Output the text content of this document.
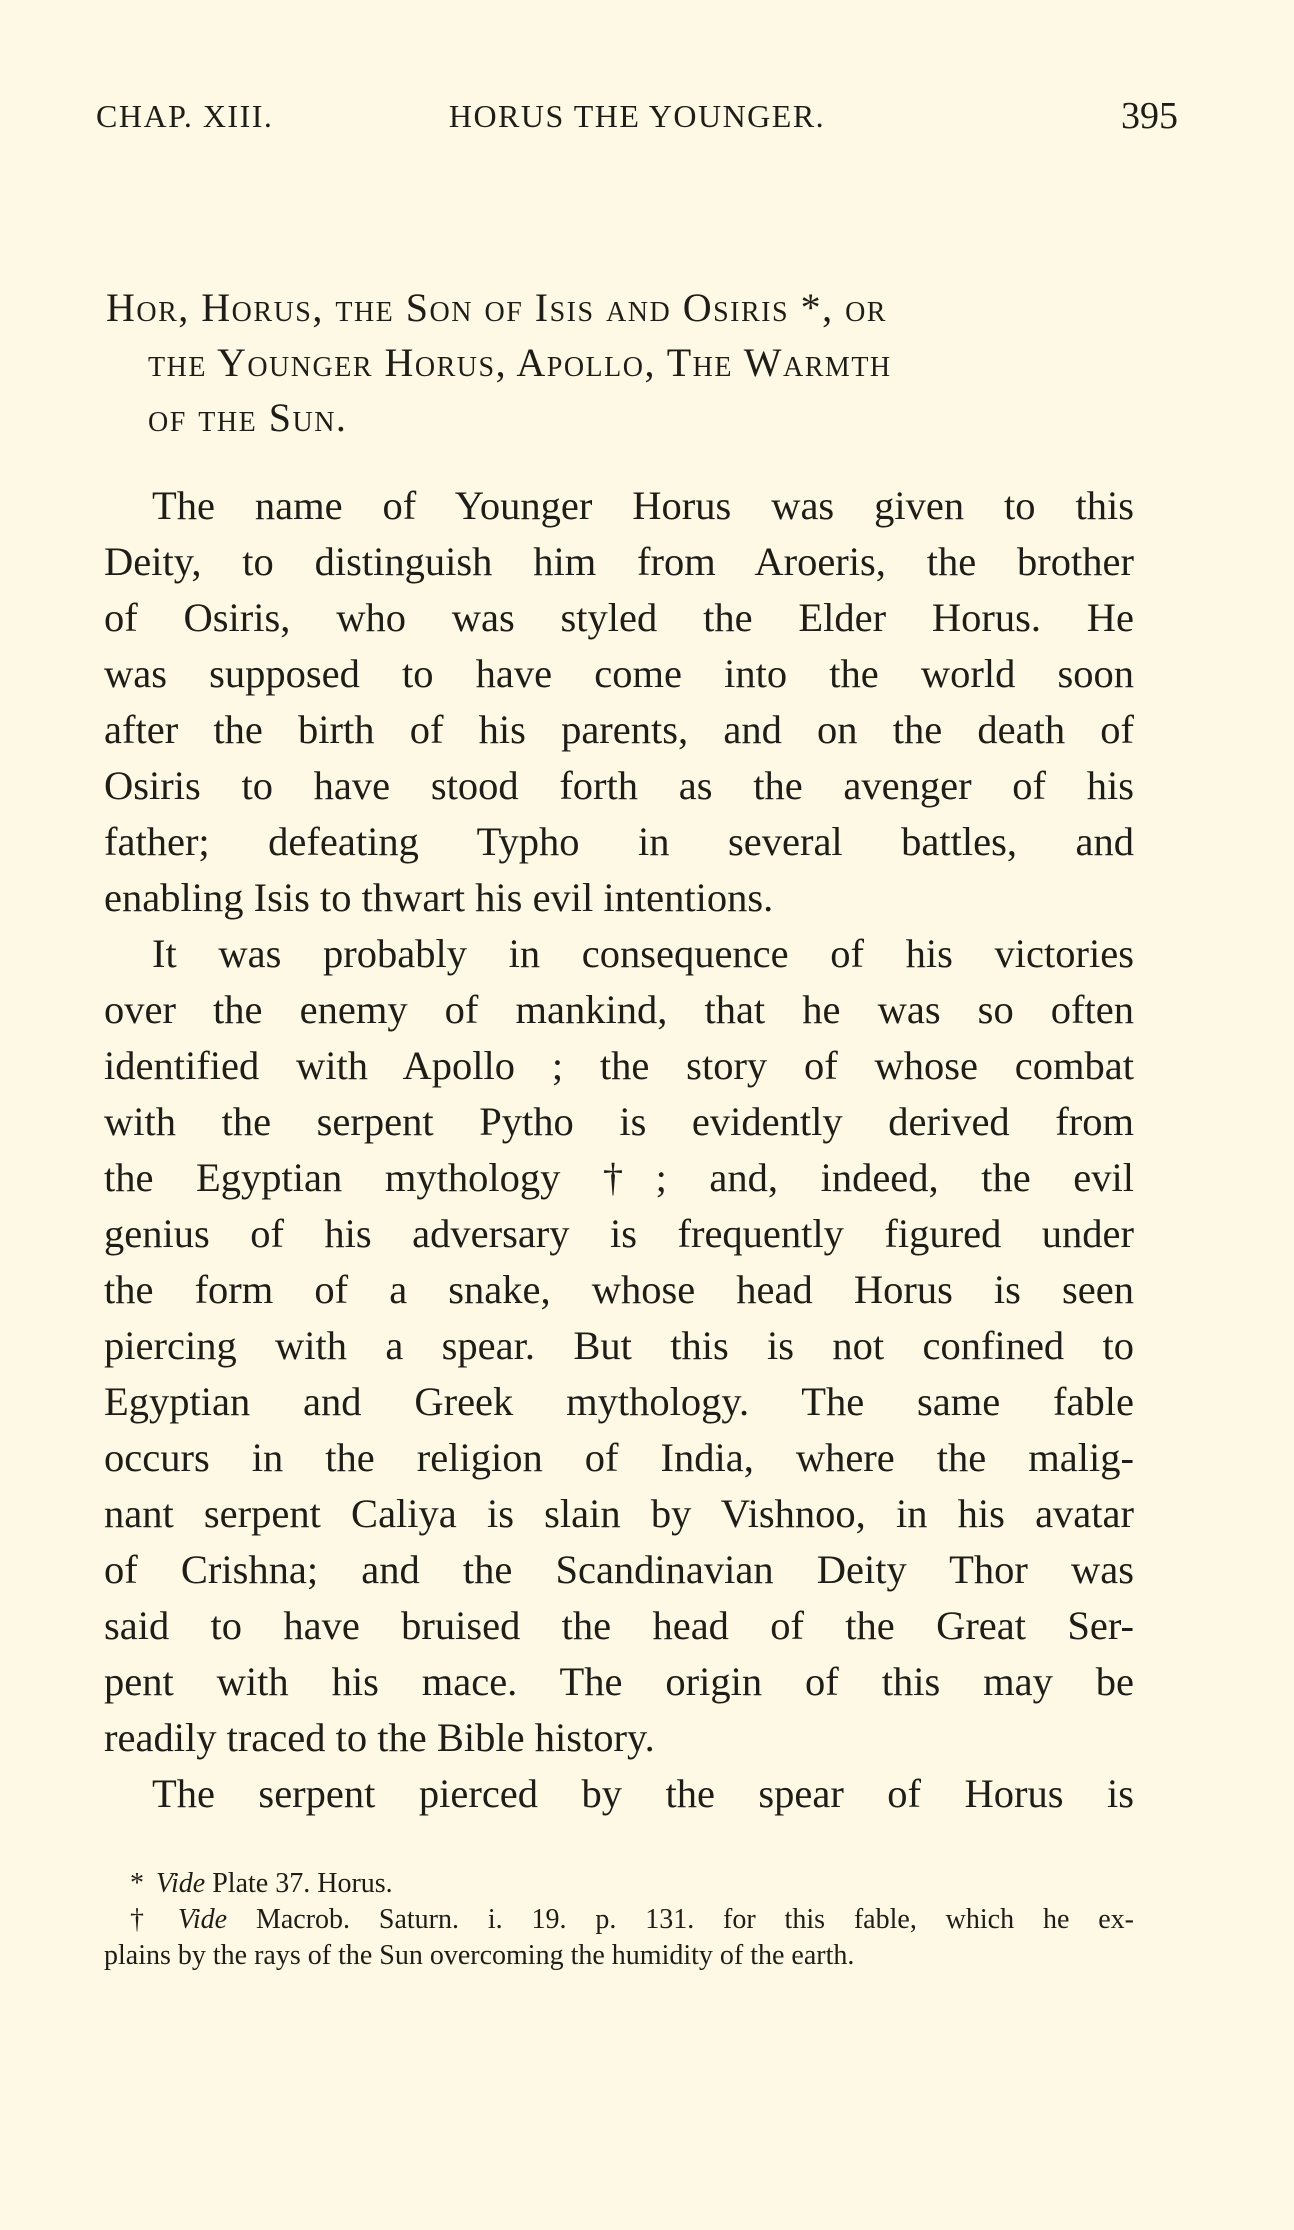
CHAP. XIII.	HORUS THE YOUNGER.	395
Hor, Horus, the Son of Isis and Osiris *, or
the Younger Horus, Apollo, The Warmth
of the Sun.
The name of Younger Horus was given to this
Deity, to distinguish him from Aroeris, the brother
of Osiris, who was styled the Elder Horus. He
was supposed to have come into the world soon
after the birth of his parents, and on the death of
Osiris to have stood forth as the avenger of his
father; defeating Typho in several battles, and
enabling Isis to thwart his evil intentions.
It was probably in consequence of his victories
over the enemy of mankind, that he was so often
identified with Apollo ; the story of whose combat
with the serpent Pytho is evidently derived from
the Egyptian mythology †; and, indeed, the evil
genius of his adversary is frequently figured under
the form of a snake, whose head Horus is seen
piercing with a spear. But this is not confined to
Egyptian and Greek mythology. The same fable
occurs in the religion of India, where the malig-
nant serpent Caliya is slain by Vishnoo, in his avatar
of Crishna; and the Scandinavian Deity Thor was
said to have bruised the head of the Great Ser-
pent with his mace. The origin of this may be
readily traced to the Bible history.
The serpent pierced by the spear of Horus is
* Vide Plate 37. Horus.
† Vide Macrob. Saturn. i. 19. p. 131. for this fable, which he ex-
plains by the rays of the Sun overcoming the humidity of the earth.
